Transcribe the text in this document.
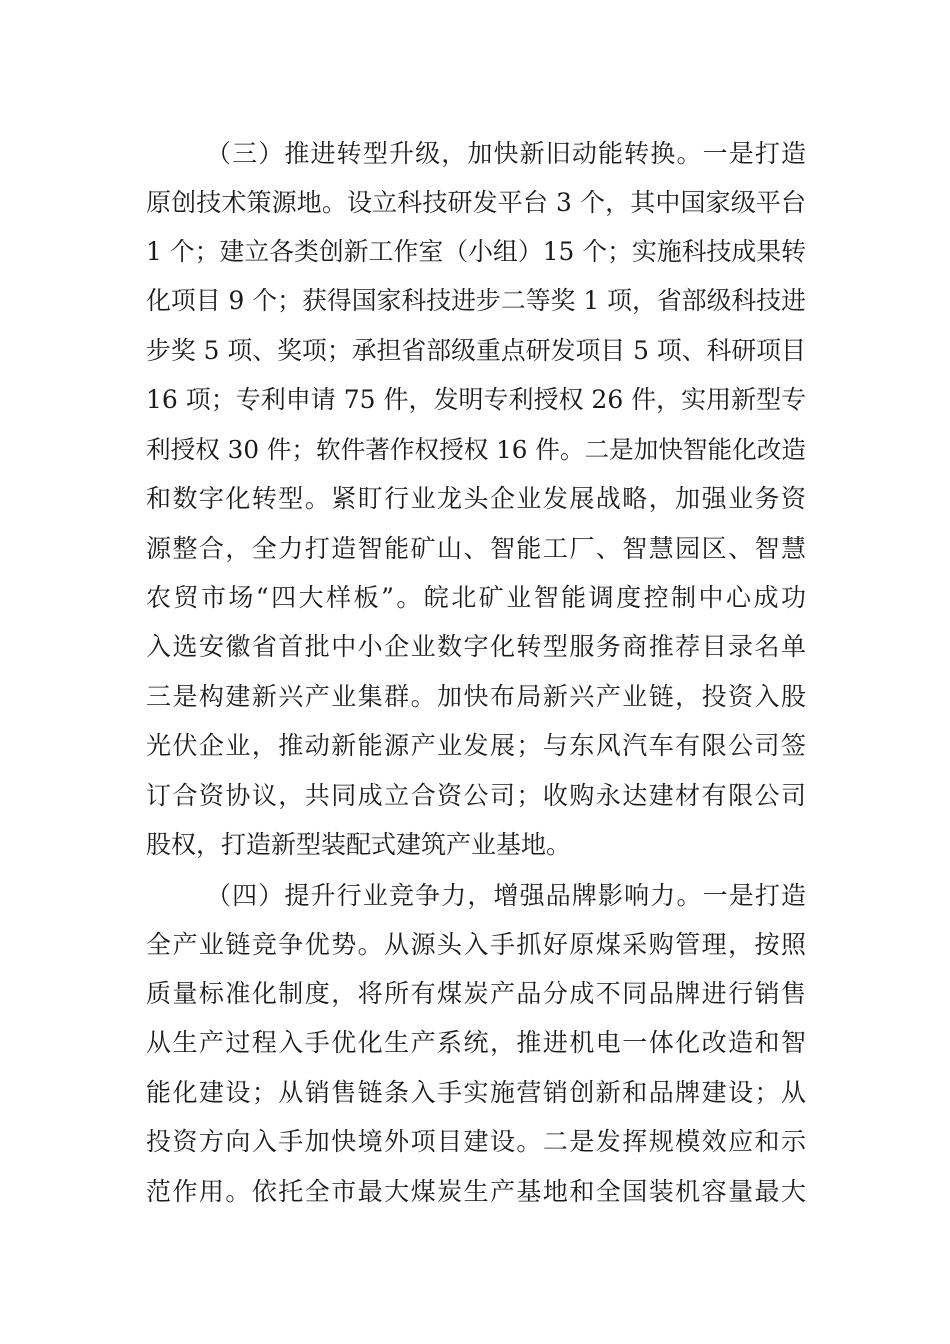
（三）推进转型升级，加快新旧动能转换。一是打造
原创技术策源地。设立科技研发平台 3 个，其中国家级平台
1 个；建立各类创新工作室（小组）15 个；实施科技成果转
化项目 9 个；获得国家科技进步二等奖 1 项，省部级科技进
步奖 5 项、奖项；承担省部级重点研发项目 5 项、科研项目
16 项；专利申请 75 件，发明专利授权 26 件，实用新型专
利授权 30 件；软件著作权授权 16 件。二是加快智能化改造
和数字化转型。紧盯行业龙头企业发展战略，加强业务资
源整合，全力打造智能矿山、智能工厂、智慧园区、智慧
农贸市场“四大样板”。皖北矿业智能调度控制中心成功
入选安徽省首批中小企业数字化转型服务商推荐目录名单
三是构建新兴产业集群。加快布局新兴产业链，投资入股
光伏企业，推动新能源产业发展；与东风汽车有限公司签
订合资协议，共同成立合资公司；收购永达建材有限公司
股权，打造新型装配式建筑产业基地。
（四）提升行业竞争力，增强品牌影响力。一是打造
全产业链竞争优势。从源头入手抓好原煤采购管理，按照
质量标准化制度，将所有煤炭产品分成不同品牌进行销售
从生产过程入手优化生产系统，推进机电一体化改造和智
能化建设；从销售链条入手实施营销创新和品牌建设；从
投资方向入手加快境外项目建设。二是发挥规模效应和示
范作用。依托全市最大煤炭生产基地和全国装机容量最大
